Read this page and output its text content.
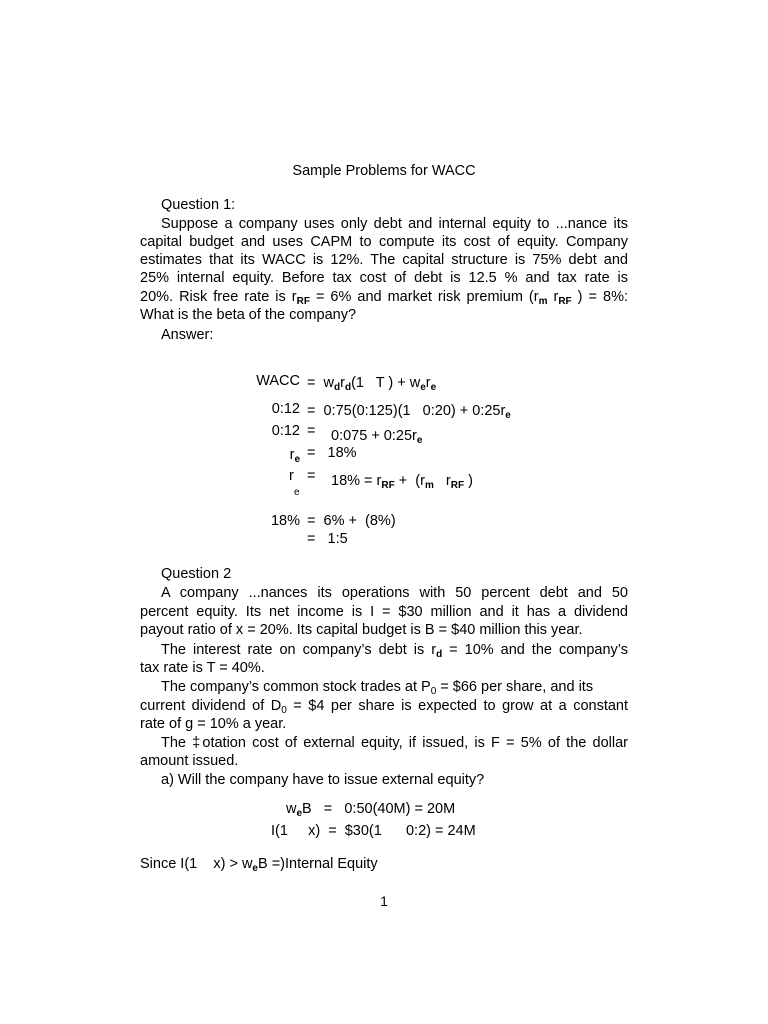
Sample Problems for WACC
Question 1:
Suppose a company uses only debt and internal equity to ...nance its
capital budget and uses CAPM to compute its cost of equity. Company
estimates that its WACC is 12%. The capital structure is 75% debt and
25% internal equity. Before tax cost of debt is 12.5 % and tax rate is
20%. Risk free rate is $r_{RF} = 6\%$ and market risk premium ($r_m$ $r_{RF}$ ) = 8%:
What is the beta of the company?
Answer:
WACC =  $w_dr_d(1$   T ) + $w_er_e$
0:12 =  0:75(0:125)(1   0:20) + $0:25r_e$
0:12 = 0:075 + $0:25r_e$
$r_e = 18\%$
r
e
= $18\% = r_{RF} + (r_m$   $r_{RF}$ )
18% =  6% +  (8%)
=   1:5
Question 2
A company ...nances its operations with 50 percent debt and 50
percent equity. Its net income is I = $30 million and it has a dividend
payout ratio of x = 20%. Its capital budget is B = $40 million this year.
The interest rate on company’s debt is $r_d = 10\%$ and the company’s
tax rate is T = 40%.
The company’s common stock trades at $P_0$ = $66 per share, and its
current dividend of $D_0$ = $4 per share is expected to grow at a constant
rate of g = 10% a year.
The ‡otation cost of external equity, if issued, is F = 5% of the dollar
amount issued.
a) Will the company have to issue external equity?
$w_eB$   =   0:50(40M) = 20M
I(1     x)  =  $30(1      0:2) = 24M
Since I(1    $x) > w_eB$ =)Internal Equity
1
